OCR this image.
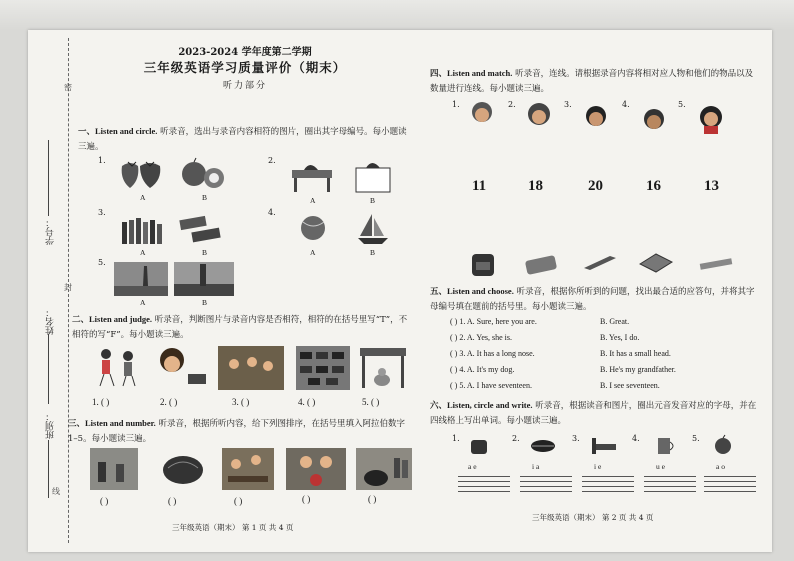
密
封
线
学号：
姓名：
班别：
2023-2024 学年度第二学期
三年级英语学习质量评价（期末）
听力部分
一、Listen and circle. 听录音，选出与录音内容相符的图片，圈出其字母编号。每小题读三遍。
1.
A	B
2.
A	B
3.
A	B
4.
A	B
5.
A	B
二、Listen and judge. 听录音，判断图片与录音内容是否相符，相符的在括号里写“T”，不相符的写“F”。每小题读三遍。
1. ( )	2. ( )	3. ( )	4. ( )	5. ( )
三、Listen and number. 听录音，根据所听内容，给下列图排序，在括号里填入阿拉伯数字 1–5。每小题读三遍。
( )	( )	( )	( )	( )
三年级英语（期末） 第 1 页 共 4 页
四、Listen and match. 听录音，连线。请根据录音内容将相对应人物和他们的物品以及数量进行连线。每小题读三遍。
1.	2.	3.	4.	5.
11	18	20	16	13
五、Listen and choose. 听录音，根据你所听到的问题，找出最合适的应答句，并将其字母编号填在题前的括号里。每小题读三遍。
( ) 1. A. Sure, here you are.	B. Great.
( ) 2. A. Yes, she is.	B. Yes, I do.
( ) 3. A. It has a long nose.	B. It has a small head.
( ) 4. A. It's my dog.	B. He's my grandfather.
( ) 5. A. I have seventeen.	B. I see seventeen.
六、Listen, circle and write. 听录音，根据读音和图片，圈出元音发音对应的字母，并在四线格上写出单词。每小题读三遍。
1.
a e
2.
i a
3.
i e
4.
u e
5.
a o
三年级英语（期末） 第 2 页 共 4 页
